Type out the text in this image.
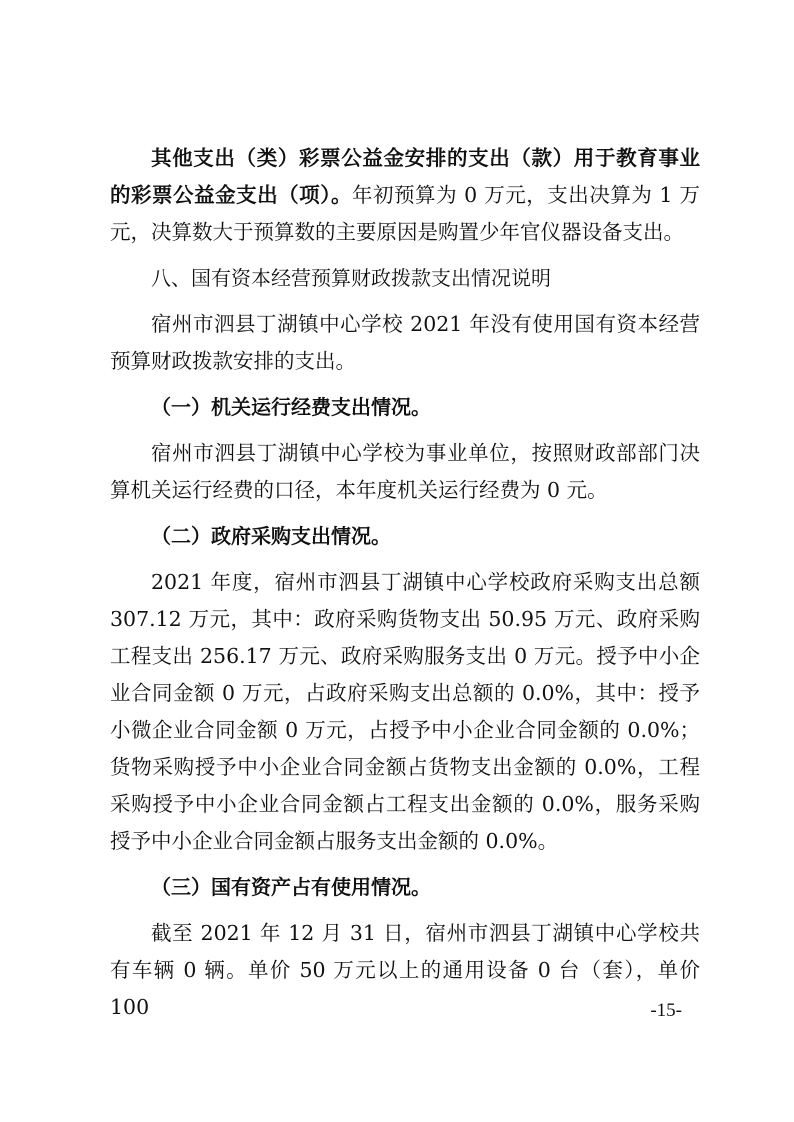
其他支出（类）彩票公益金安排的支出（款）用于教育事业的彩票公益金支出（项）。年初预算为 0 万元，支出决算为 1 万元，决算数大于预算数的主要原因是购置少年官仪器设备支出。

八、国有资本经营预算财政拨款支出情况说明

宿州市泗县丁湖镇中心学校 2021 年没有使用国有资本经营预算财政拨款安排的支出。

（一）机关运行经费支出情况。

宿州市泗县丁湖镇中心学校为事业单位，按照财政部部门决算机关运行经费的口径，本年度机关运行经费为 0 元。

（二）政府采购支出情况。

2021 年度，宿州市泗县丁湖镇中心学校政府采购支出总额 307.12 万元，其中：政府采购货物支出 50.95 万元、政府采购工程支出 256.17 万元、政府采购服务支出 0 万元。授予中小企业合同金额 0 万元，占政府采购支出总额的 0.0%，其中：授予小微企业合同金额 0 万元，占授予中小企业合同金额的 0.0%；货物采购授予中小企业合同金额占货物支出金额的 0.0%，工程采购授予中小企业合同金额占工程支出金额的 0.0%，服务采购授予中小企业合同金额占服务支出金额的 0.0%。

（三）国有资产占有使用情况。

截至 2021 年 12 月 31 日，宿州市泗县丁湖镇中心学校共有车辆 0 辆。单价 50 万元以上的通用设备 0 台（套），单价 100	-15-
